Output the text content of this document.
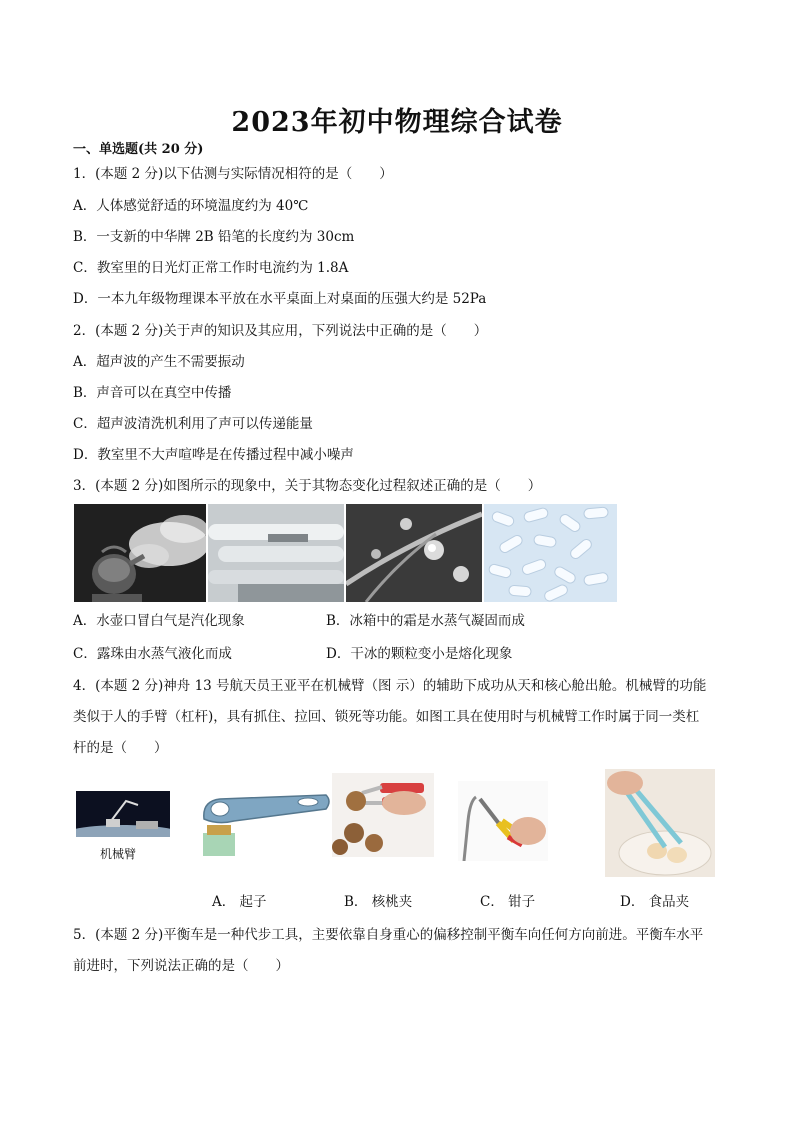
2023年初中物理综合试卷
一、单选题(共 20 分)
1．(本题 2 分)以下估测与实际情况相符的是（　　）
A．人体感觉舒适的环境温度约为 40℃
B．一支新的中华牌 2B 铅笔的长度约为 30cm
C．教室里的日光灯正常工作时电流约为 1.8A
D．一本九年级物理课本平放在水平桌面上对桌面的压强大约是 52Pa
2．(本题 2 分)关于声的知识及其应用，下列说法中正确的是（　　）
A．超声波的产生不需要振动
B．声音可以在真空中传播
C．超声波清洗机利用了声可以传递能量
D．教室里不大声喧哗是在传播过程中减小噪声
3．(本题 2 分)如图所示的现象中，关于其物态变化过程叙述正确的是（　　）
A．水壶口冒白气是汽化现象	B．冰箱中的霜是水蒸气凝固而成
C．露珠由水蒸气液化而成	D．干冰的颗粒变小是熔化现象
4．(本题 2 分)神舟 13 号航天员王亚平在机械臂（图 示）的辅助下成功从天和核心舱出舱。机械臂的功能
类似于人的手臂（杠杆)，具有抓住、拉回、锁死等功能。如图工具在使用时与机械臂工作时属于同一类杠
杆的是（　　）
机械臂
A． 起子	B． 核桃夹	C． 钳子	D． 食品夹
5．(本题 2 分)平衡车是一种代步工具，主要依靠自身重心的偏移控制平衡车向任何方向前进。平衡车水平
前进时，下列说法正确的是（　　）
